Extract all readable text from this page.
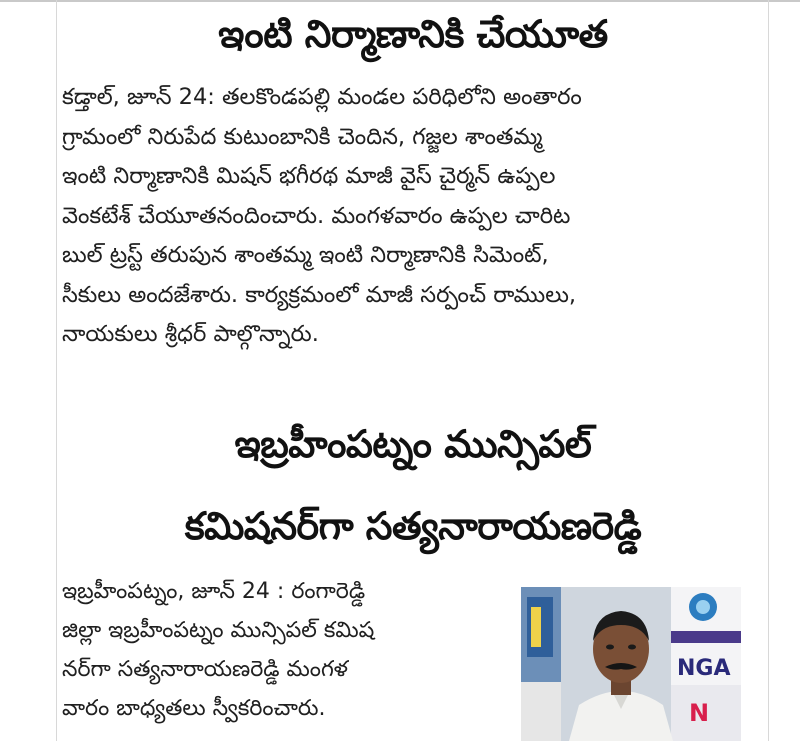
ఇంటి నిర్మాణానికి చేయూత
కడ్తాల్, జూన్ 24: తలకొండపల్లి మండల పరిధిలోని అంతారం
గ్రామంలో నిరుపేద కుటుంబానికి చెందిన, గజ్జల శాంతమ్మ
ఇంటి నిర్మాణానికి మిషన్ భగీరథ మాజీ వైస్ చైర్మన్ ఉప్పల
వెంకటేశ్ చేయూతనందించారు. మంగళవారం ఉప్పల చారిట
బుల్ ట్రస్ట్ తరుపున శాంతమ్మ ఇంటి నిర్మాణానికి సిమెంట్,
సీకులు అందజేశారు. కార్యక్రమంలో మాజీ సర్పంచ్ రాములు,
నాయకులు శ్రీధర్ పాల్గొన్నారు.
ఇబ్రహీంపట్నం మున్సిపల్
కమిషనర్‌గా సత్యనారాయణరెడ్డి
ఇబ్రహీంపట్నం, జూన్ 24 : రంగారెడ్డి
జిల్లా ఇబ్రహీంపట్నం మున్సిపల్ కమిష
నర్‌గా సత్యనారాయణరెడ్డి మంగళ
వారం బాధ్యతలు స్వీకరించారు.
NGA
N
